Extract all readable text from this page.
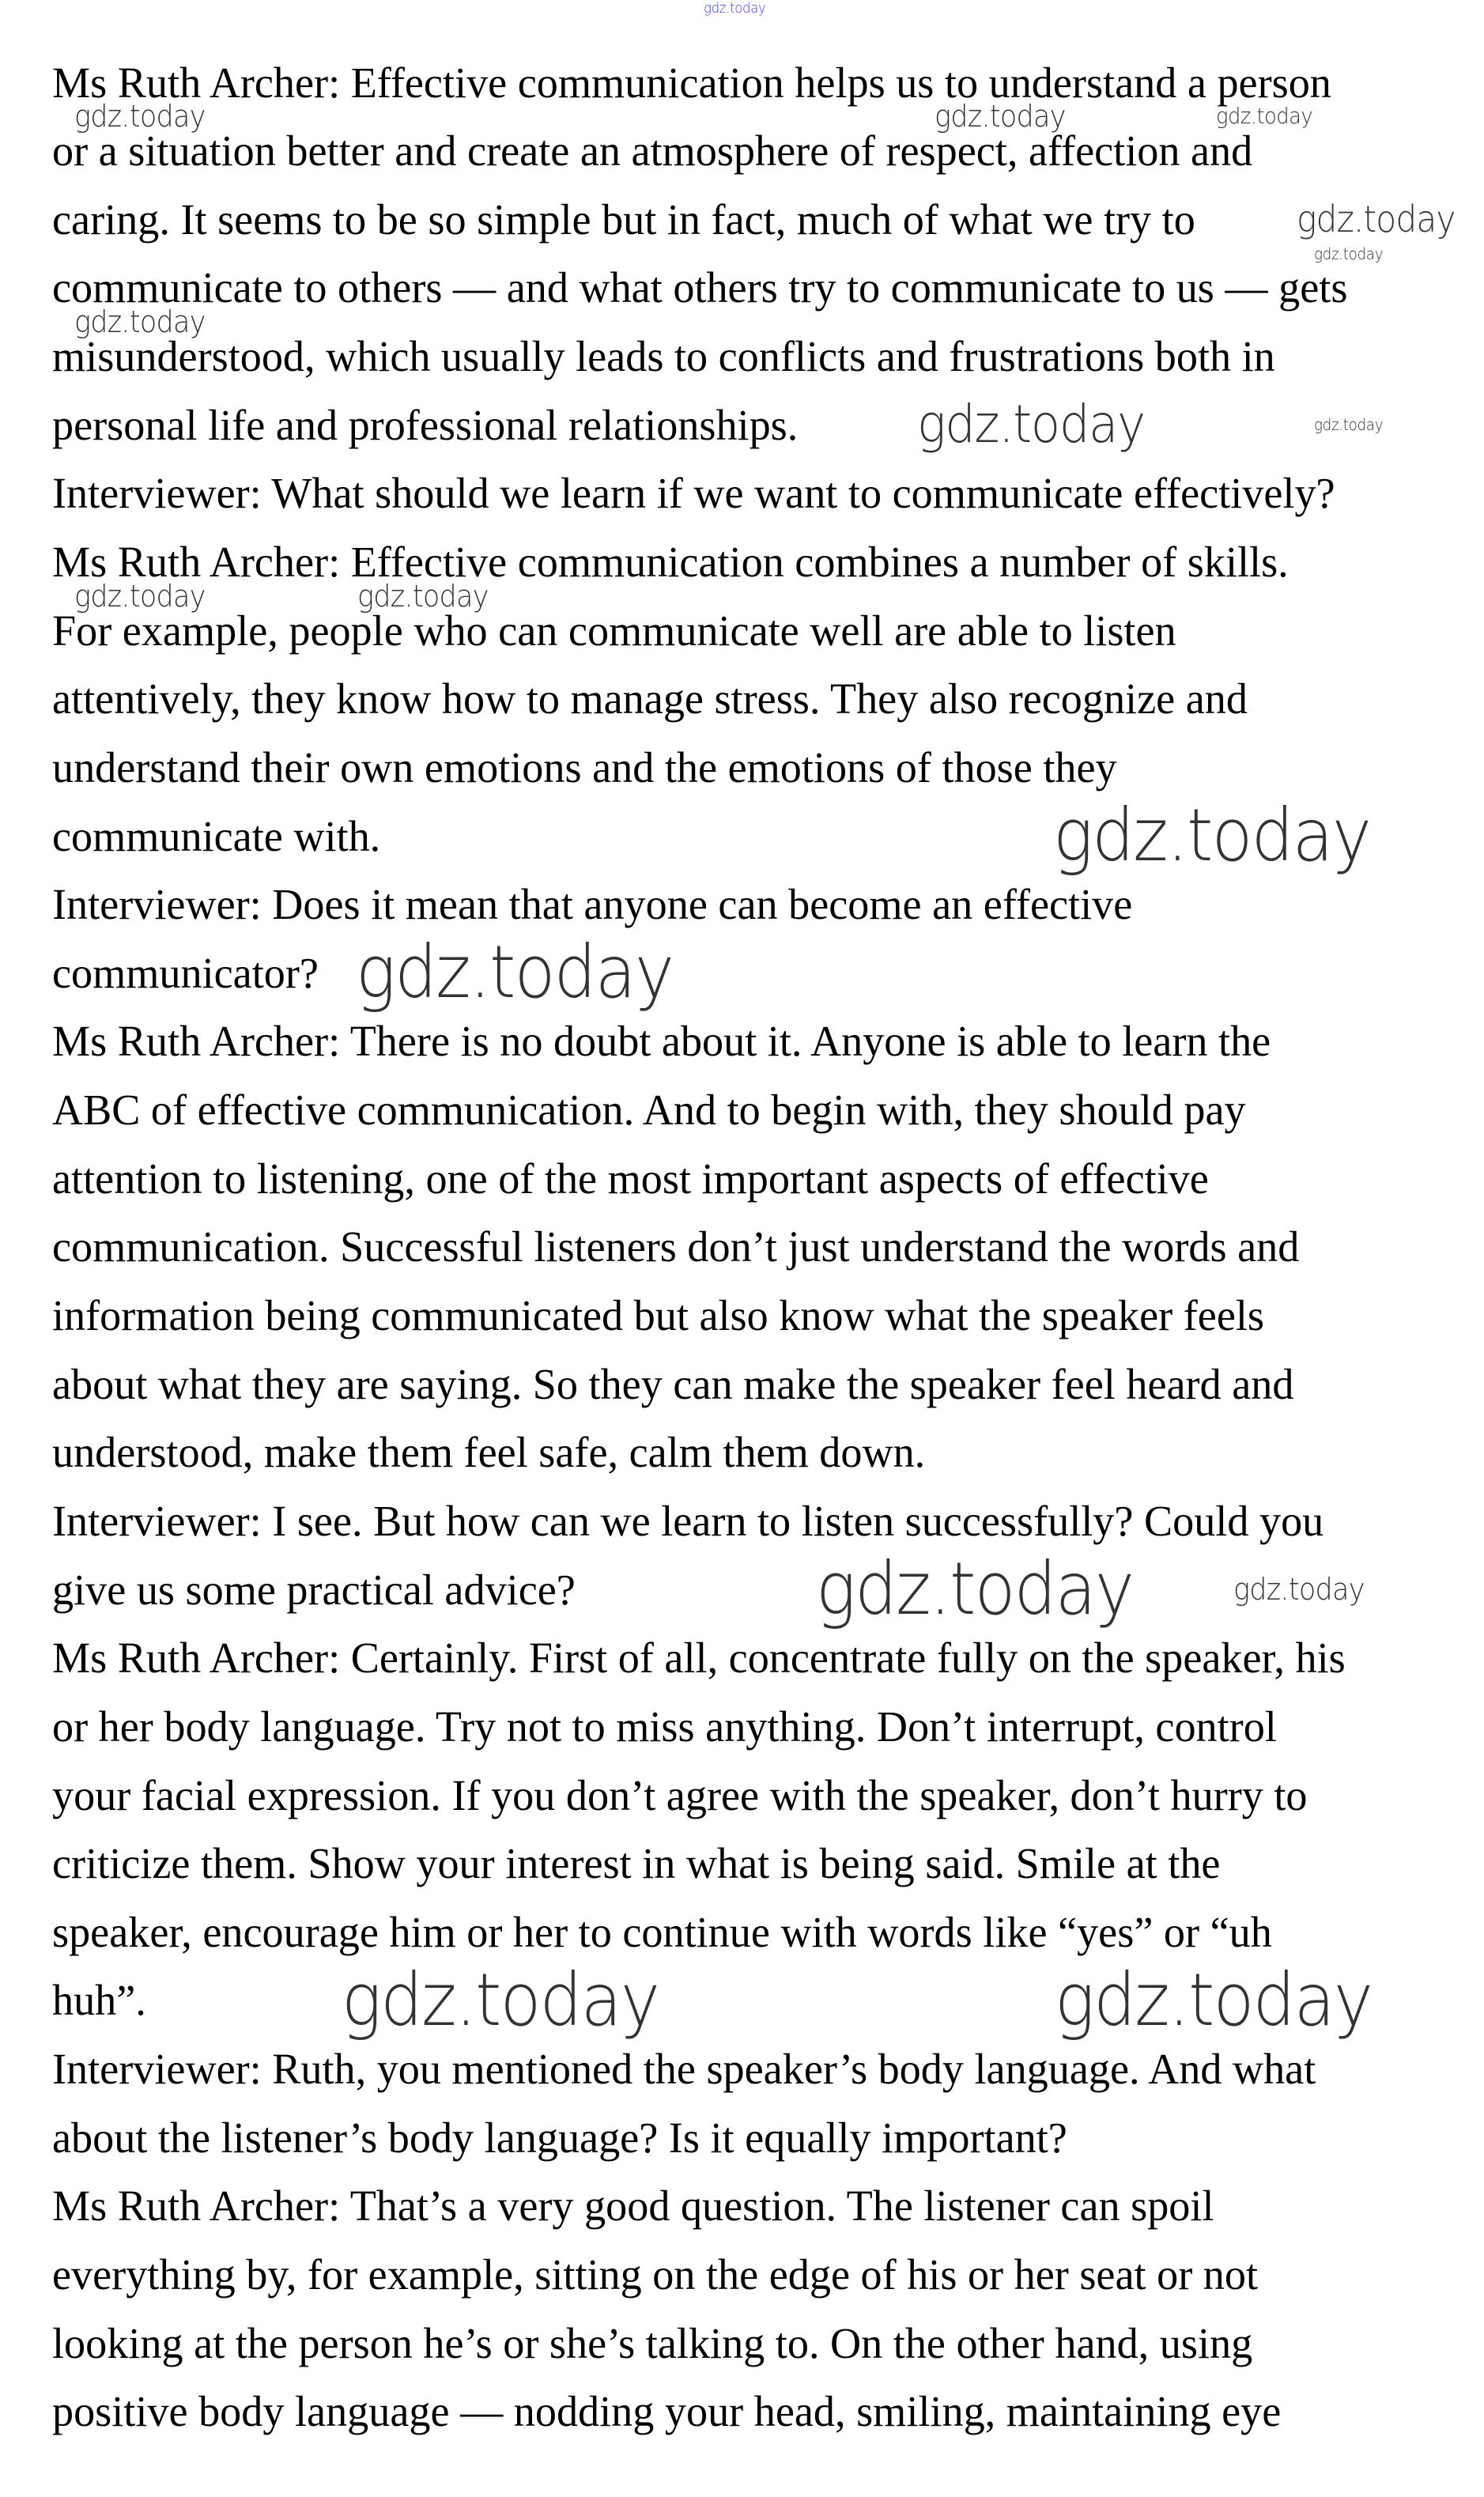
gdz.today
Ms Ruth Archer: Effective communication helps us to understand a person
or a situation better and create an atmosphere of respect, affection and
caring. It seems to be so simple but in fact, much of what we try to
communicate to others — and what others try to communicate to us — gets
misunderstood, which usually leads to conflicts and frustrations both in
personal life and professional relationships.
Interviewer: What should we learn if we want to communicate effectively?
Ms Ruth Archer: Effective communication combines a number of skills.
For example, people who can communicate well are able to listen
attentively, they know how to manage stress. They also recognize and
understand their own emotions and the emotions of those they
communicate with.
Interviewer: Does it mean that anyone can become an effective
communicator?
Ms Ruth Archer: There is no doubt about it. Anyone is able to learn the
ABC of effective communication. And to begin with, they should pay
attention to listening, one of the most important aspects of effective
communication. Successful listeners don’t just understand the words and
information being communicated but also know what the speaker feels
about what they are saying. So they can make the speaker feel heard and
understood, make them feel safe, calm them down.
Interviewer: I see. But how can we learn to listen successfully? Could you
give us some practical advice?
Ms Ruth Archer: Certainly. First of all, concentrate fully on the speaker, his
or her body language. Try not to miss anything. Don’t interrupt, control
your facial expression. If you don’t agree with the speaker, don’t hurry to
criticize them. Show your interest in what is being said. Smile at the
speaker, encourage him or her to continue with words like “yes” or “uh
huh”.
Interviewer: Ruth, you mentioned the speaker’s body language. And what
about the listener’s body language? Is it equally important?
Ms Ruth Archer: That’s a very good question. The listener can spoil
everything by, for example, sitting on the edge of his or her seat or not
looking at the person he’s or she’s talking to. On the other hand, using
positive body language — nodding your head, smiling, maintaining eye
gdz.today	gdz.today	gdz.today
gdz.today
gdz.today
gdz.today
gdz.today	gdz.today
gdz.today	gdz.today
gdz.today
gdz.today
gdz.today
gdz.today
gdz.today	gdz.today
